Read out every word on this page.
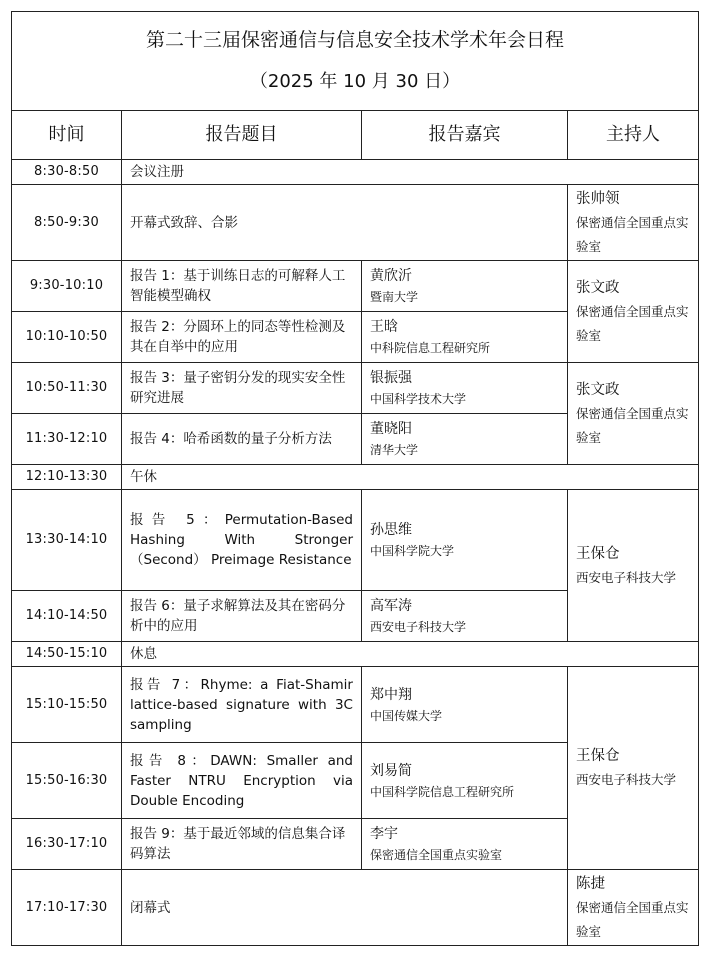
第二十三届保密通信与信息安全技术学术年会日程
（2025 年 10 月 30 日）			

时间	报告题目	报告嘉宾	主持人
8:30-8:50	会议注册		
8:50-9:30	开幕式致辞、合影		张帅领
保密通信全国重点实验室

9:30-10:10	报告 1：基于训练日志的可解释人工智能模型确权	黄欣沂
暨南大学	张文政
保密通信全国重点实验室

10:10-10:50	报告 2：分圆环上的同态等性检测及其在自举中的应用	王晗
中科院信息工程研究所	

10:50-11:30	报告 3：量子密钥分发的现实安全性研究进展	银振强
中国科学技术大学	张文政
保密通信全国重点实验室

11:30-12:10	报告 4：哈希函数的量子分析方法	董晓阳
清华大学	

12:10-13:30	午休		
13:30-14:10	报告 5：Permutation-Based Hashing With Stronger （Second） Preimage Resistance	孙思维
中国科学院大学	王保仓
西安电子科技大学

14:10-14:50	报告 6：量子求解算法及其在密码分析中的应用	高军涛
西安电子科技大学	

14:50-15:10	休息		
15:10-15:50	报告 7：Rhyme: a Fiat-Shamir lattice-based signature with 3C sampling	郑中翔
中国传媒大学	王保仓
西安电子科技大学

15:50-16:30	报告 8：DAWN: Smaller and Faster NTRU Encryption via Double Encoding	刘易简
中国科学院信息工程研究所	

16:30-17:10	报告 9：基于最近邻域的信息集合译码算法	李宇
保密通信全国重点实验室	

17:10-17:30	闭幕式		陈捷
保密通信全国重点实验室
